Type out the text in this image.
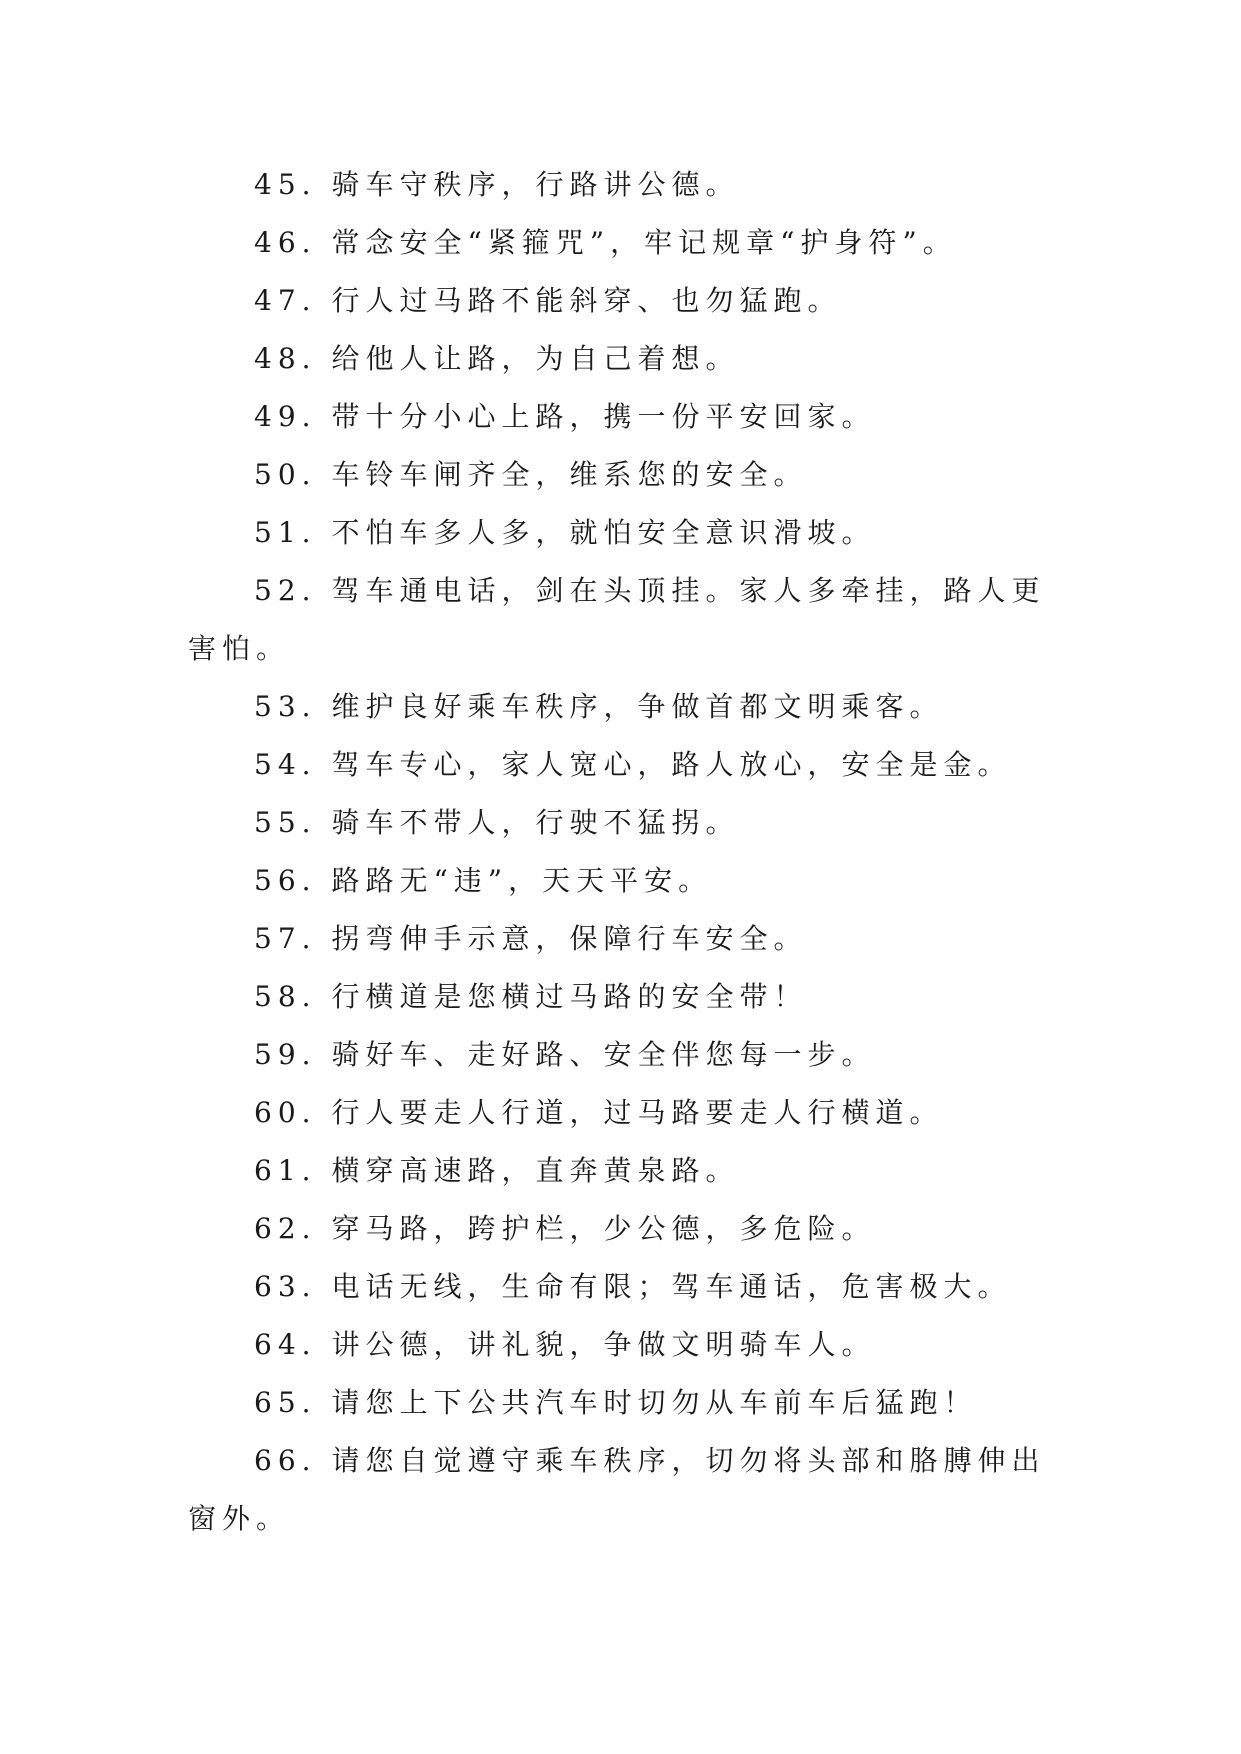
45. 骑车守秩序，行路讲公德。

46. 常念安全“紧箍咒”，牢记规章“护身符”。

47. 行人过马路不能斜穿、也勿猛跑。

48. 给他人让路，为自己着想。

49. 带十分小心上路，携一份平安回家。

50. 车铃车闸齐全，维系您的安全。

51. 不怕车多人多，就怕安全意识滑坡。

52. 驾车通电话，剑在头顶挂。家人多牵挂，路人更害怕。

53. 维护良好乘车秩序，争做首都文明乘客。

54. 驾车专心，家人宽心，路人放心，安全是金。

55. 骑车不带人，行驶不猛拐。

56. 路路无“违”，天天平安。

57. 拐弯伸手示意，保障行车安全。

58. 行横道是您横过马路的安全带！

59. 骑好车、走好路、安全伴您每一步。

60. 行人要走人行道，过马路要走人行横道。

61. 横穿高速路，直奔黄泉路。

62. 穿马路，跨护栏，少公德，多危险。

63. 电话无线，生命有限；驾车通话，危害极大。

64. 讲公德，讲礼貌，争做文明骑车人。

65. 请您上下公共汽车时切勿从车前车后猛跑！

66. 请您自觉遵守乘车秩序，切勿将头部和胳膊伸出窗外。
